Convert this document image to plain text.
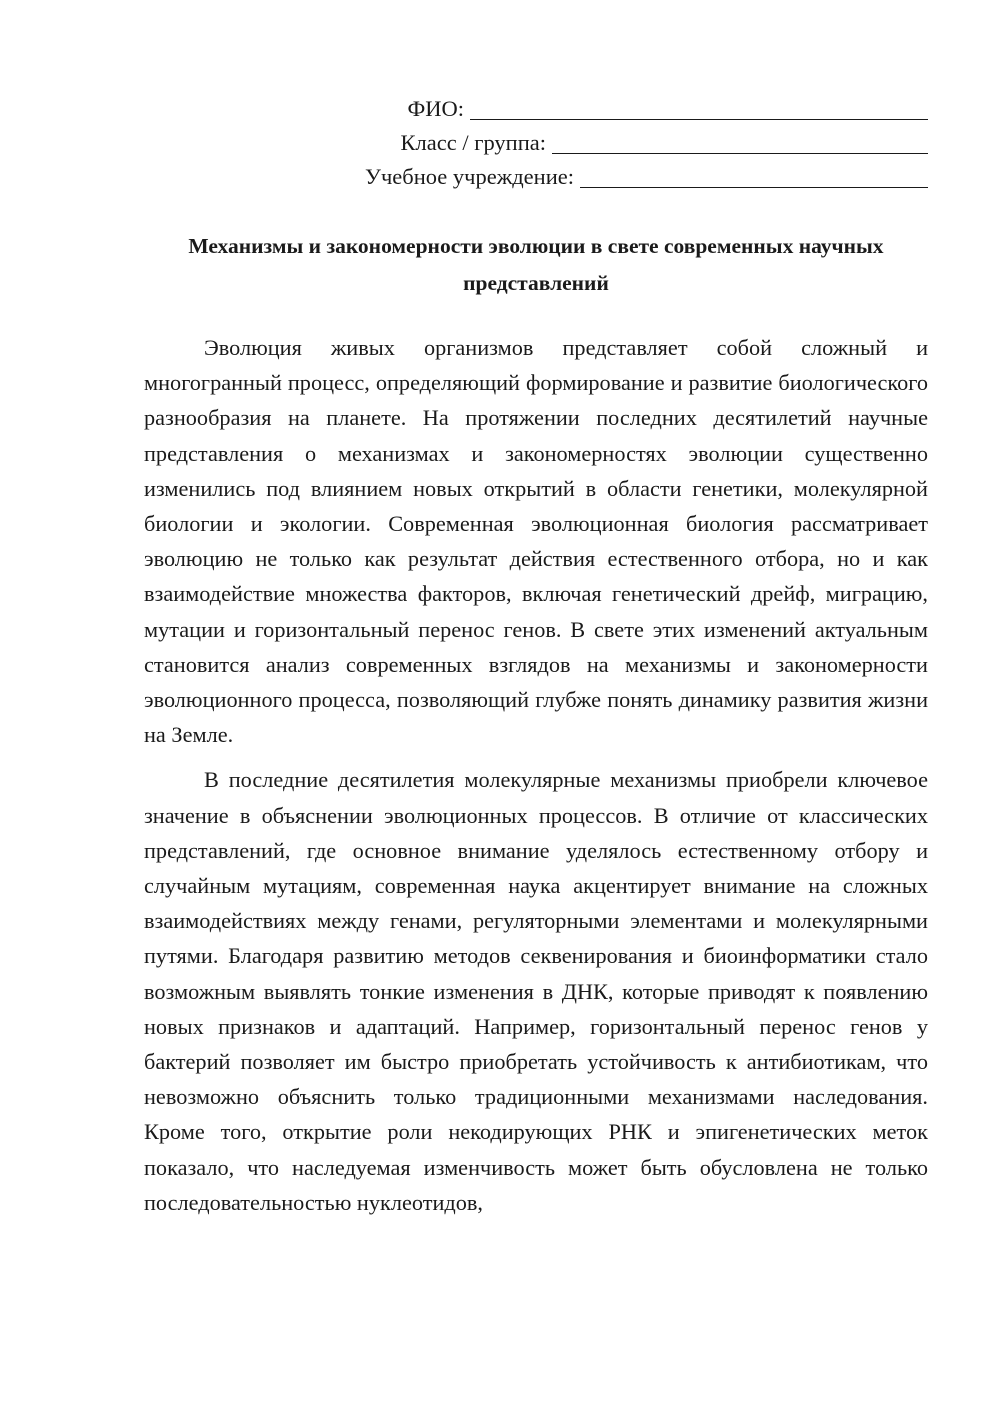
ФИО:
Класс / группа:
Учебное учреждение:
Механизмы и закономерности эволюции в свете современных научных представлений

Эволюция живых организмов представляет собой сложный и многогранный процесс, определяющий формирование и развитие биологического разнообразия на планете. На протяжении последних десятилетий научные представления о механизмах и закономерностях эволюции существенно изменились под влиянием новых открытий в области генетики, молекулярной биологии и экологии. Современная эволюционная биология рассматривает эволюцию не только как результат действия естественного отбора, но и как взаимодействие множества факторов, включая генетический дрейф, миграцию, мутации и горизонтальный перенос генов. В свете этих изменений актуальным становится анализ современных взглядов на механизмы и закономерности эволюционного процесса, позволяющий глубже понять динамику развития жизни на Земле.

В последние десятилетия молекулярные механизмы приобрели ключевое значение в объяснении эволюционных процессов. В отличие от классических представлений, где основное внимание уделялось естественному отбору и случайным мутациям, современная наука акцентирует внимание на сложных взаимодействиях между генами, регуляторными элементами и молекулярными путями. Благодаря развитию методов секвенирования и биоинформатики стало возможным выявлять тонкие изменения в ДНК, которые приводят к появлению новых признаков и адаптаций. Например, горизонтальный перенос генов у бактерий позволяет им быстро приобретать устойчивость к антибиотикам, что невозможно объяснить только традиционными механизмами наследования. Кроме того, открытие роли некодирующих РНК и эпигенетических меток показало, что наследуемая изменчивость может быть обусловлена не только последовательностью нуклеотидов,
